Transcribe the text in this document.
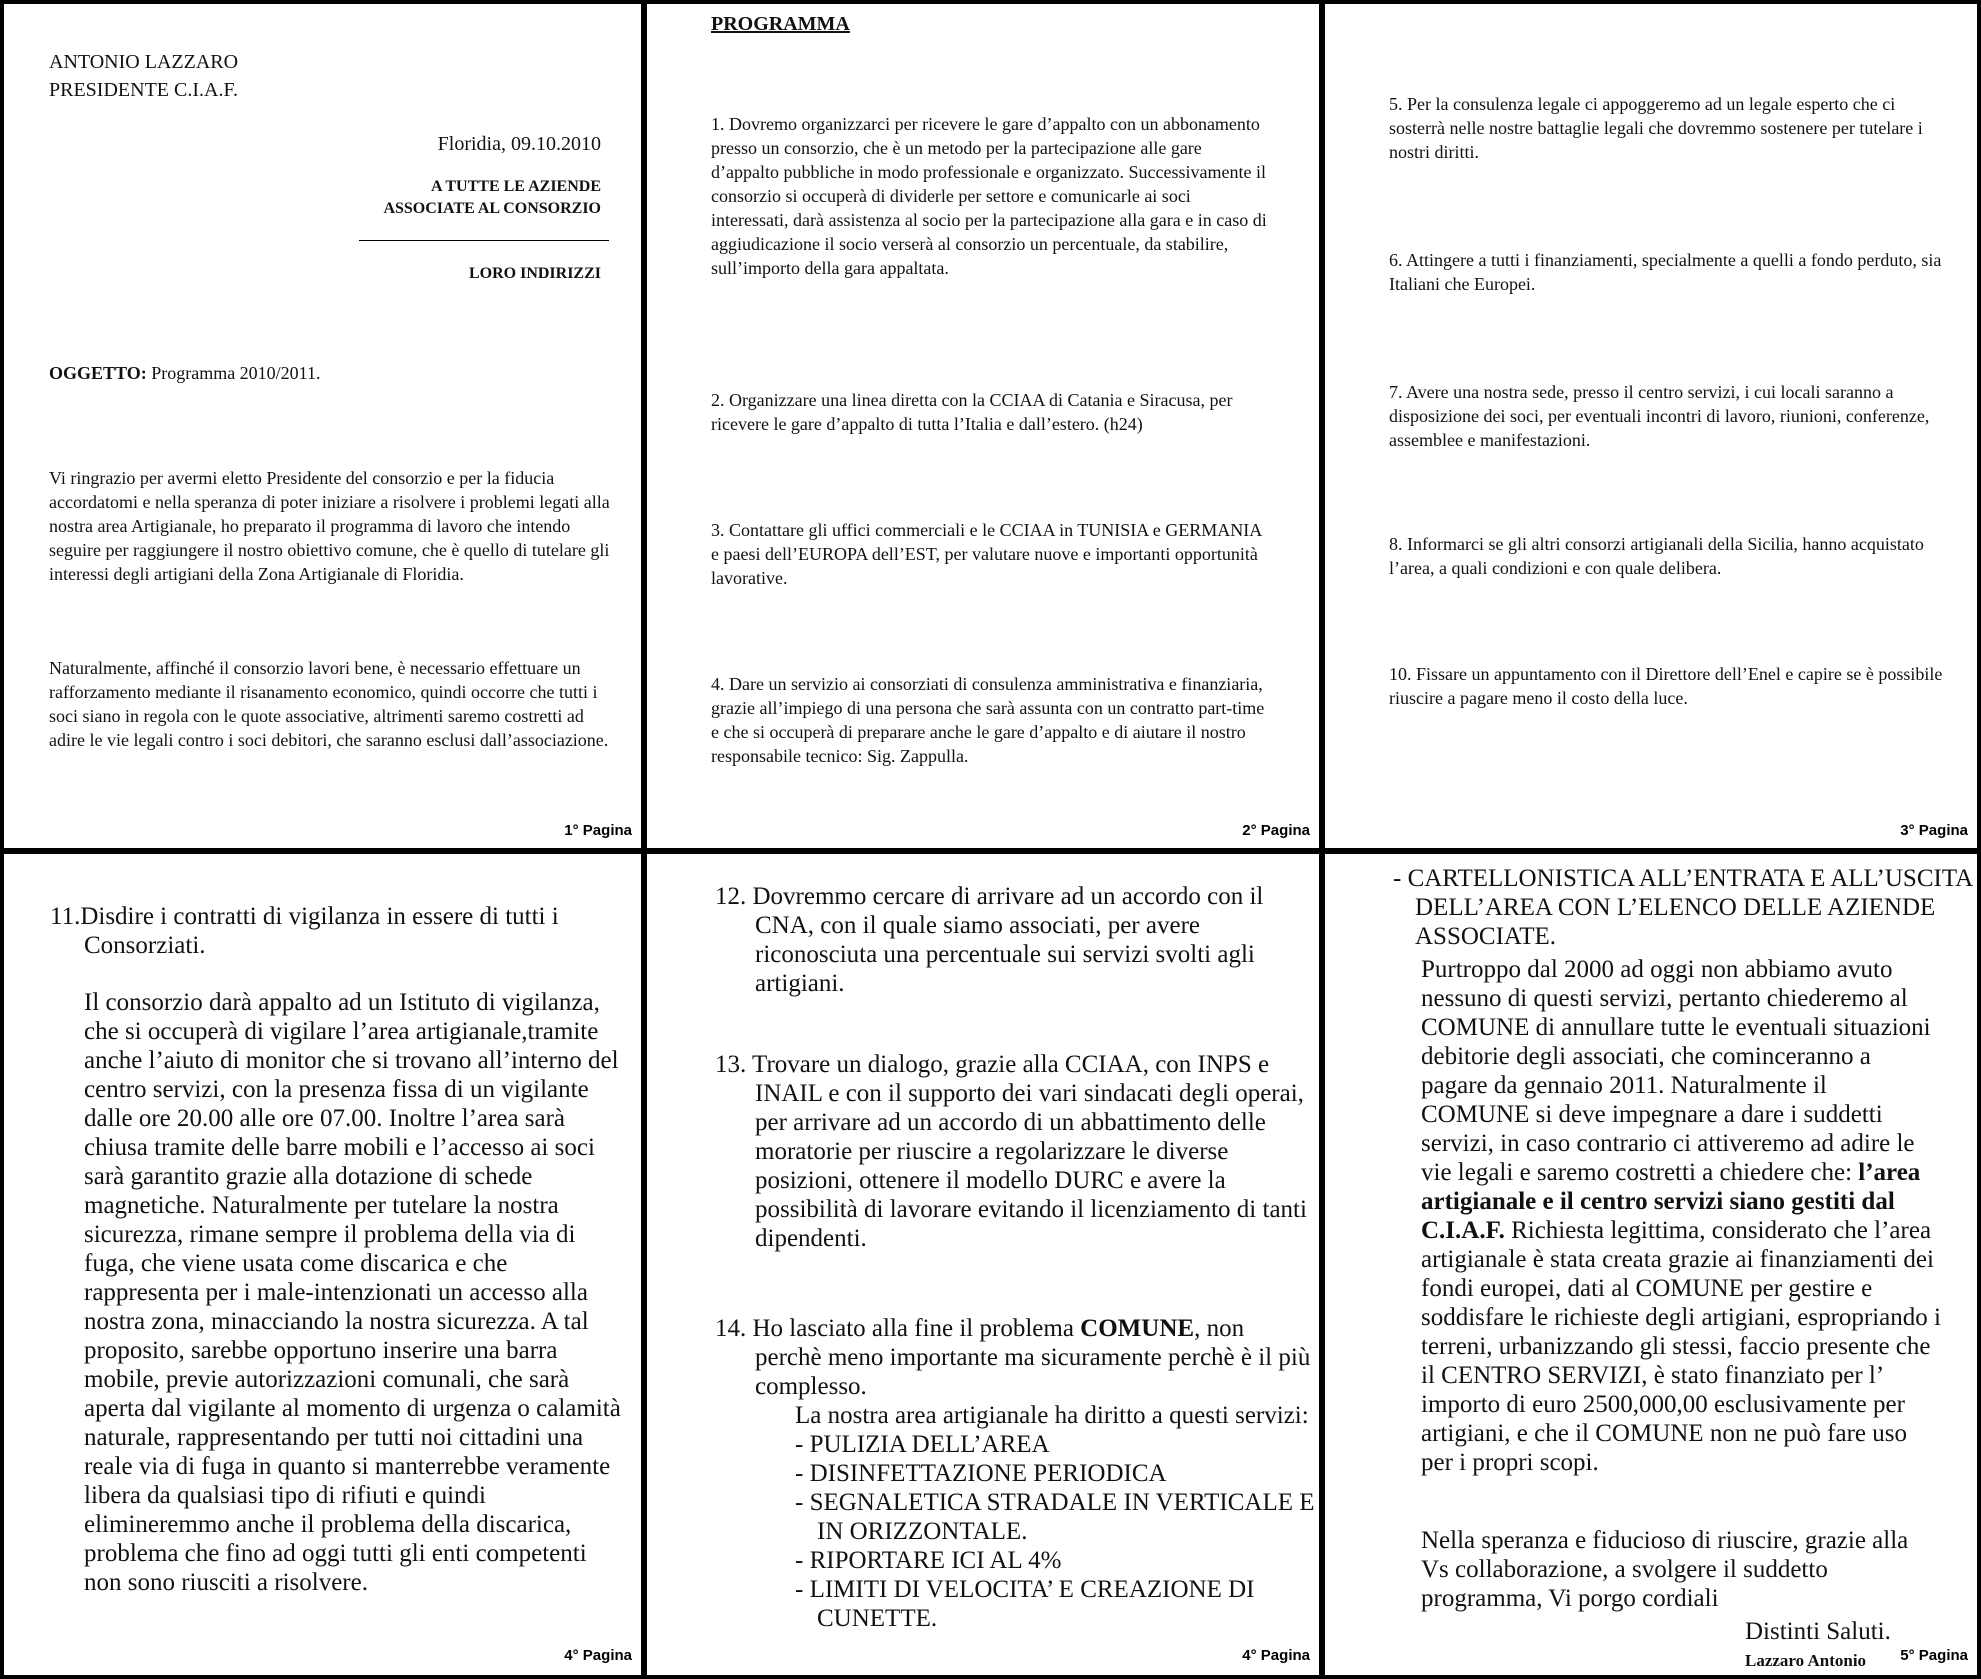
ANTONIO LAZZARO
PRESIDENTE C.I.A.F.
Floridia, 09.10.2010
A TUTTE LE AZIENDE
ASSOCIATE AL CONSORZIO
LORO INDIRIZZI
OGGETTO: Programma 2010/2011.

Vi ringrazio per avermi eletto Presidente del consorzio e per la fiducia accordatomi e nella speranza di poter iniziare a risolvere i problemi legati alla nostra area Artigianale, ho preparato il programma di lavoro che intendo seguire per raggiungere il nostro obiettivo comune, che è quello di tutelare gli interessi degli artigiani della Zona Artigianale di Floridia.

Naturalmente, affinché il consorzio lavori bene, è necessario effettuare un rafforzamento mediante il risanamento economico, quindi occorre che tutti i soci siano in regola con le quote associative, altrimenti saremo costretti ad adire le vie legali contro i soci debitori, che saranno esclusi dall’associazione.

1° Pagina
PROGRAMMA

1. Dovremo organizzarci per ricevere le gare d’appalto con un abbonamento presso un consorzio, che è un metodo per la partecipazione alle gare d’appalto pubbliche in modo professionale e organizzato. Successivamente il consorzio si occuperà di dividerle per settore e comunicarle ai soci interessati, darà assistenza al socio per la partecipazione alla gara e in caso di aggiudicazione il socio verserà al consorzio un percentuale, da stabilire, sull’importo della gara appaltata.

2. Organizzare una linea diretta con la CCIAA di Catania e Siracusa, per ricevere le gare d’appalto di tutta l’Italia e dall’estero. (h24)

3. Contattare gli uffici commerciali e le CCIAA in TUNISIA e GERMANIA e paesi dell’EUROPA dell’EST, per valutare nuove e importanti opportunità lavorative.

4. Dare un servizio ai consorziati di consulenza amministrativa e finanziaria, grazie all’impiego di una persona che sarà assunta con un contratto part-time e che si occuperà di preparare anche le gare d’appalto e di aiutare il nostro responsabile tecnico: Sig. Zappulla.

2° Pagina

5. Per la consulenza legale ci appoggeremo ad un legale esperto che ci sosterrà nelle nostre battaglie legali che dovremmo sostenere per tutelare i nostri diritti.

6. Attingere a tutti i finanziamenti, specialmente a quelli a fondo perduto, sia Italiani che Europei.

7. Avere una nostra sede, presso il centro servizi, i cui locali saranno a disposizione dei soci, per eventuali incontri di lavoro, riunioni, conferenze, assemblee e manifestazioni.

8. Informarci se gli altri consorzi artigianali della Sicilia, hanno acquistato l’area, a quali condizioni e con quale delibera.

10. Fissare un appuntamento con il Direttore dell’Enel e capire se è possibile riuscire a pagare meno il costo della luce.

3° Pagina

11.Disdire i contratti di vigilanza in essere di tutti i Consorziati.

Il consorzio darà appalto ad un Istituto di vigilanza, che si occuperà di vigilare l’area artigianale,tramite anche l’aiuto di monitor che si trovano all’interno del centro servizi, con la presenza fissa di un vigilante dalle ore 20.00 alle ore 07.00. Inoltre l’area sarà chiusa tramite delle barre mobili e l’accesso ai soci sarà garantito grazie alla dotazione di schede magnetiche. Naturalmente per tutelare la nostra sicurezza, rimane sempre il problema della via di fuga, che viene usata come discarica e che rappresenta per i male-intenzionati un accesso alla nostra zona, minacciando la nostra sicurezza. A tal proposito, sarebbe opportuno inserire una barra mobile, previe autorizzazioni comunali, che sarà aperta dal vigilante al momento di urgenza o calamità naturale, rappresentando per tutti noi cittadini una reale via di fuga in quanto si manterrebbe veramente libera da qualsiasi tipo di rifiuti e quindi elimineremmo anche il problema della discarica, problema che fino ad oggi tutti gli enti competenti non sono riusciti a risolvere.

4° Pagina

12. Dovremmo cercare di arrivare ad un accordo con il CNA, con il quale siamo associati, per avere riconosciuta una percentuale sui servizi svolti agli artigiani.

13. Trovare un dialogo, grazie alla CCIAA, con INPS e INAIL e con il supporto dei vari sindacati degli operai, per arrivare ad un accordo di un abbattimento delle moratorie per riuscire a regolarizzare le diverse posizioni, ottenere il modello DURC e avere la possibilità di lavorare evitando il licenziamento di tanti dipendenti.

14. Ho lasciato alla fine il problema COMUNE, non perchè meno importante ma sicuramente perchè è il più complesso.

La nostra area artigianale ha diritto a questi servizi:

- PULIZIA DELL’AREA
- DISINFETTAZIONE PERIODICA
- SEGNALETICA STRADALE IN VERTICALE E IN ORIZZONTALE.
- RIPORTARE ICI AL 4%
- LIMITI DI VELOCITA’ E CREAZIONE DI CUNETTE.
4° Pagina

- CARTELLONISTICA ALL’ENTRATA E ALL’USCITA DELL’AREA CON L’ELENCO DELLE AZIENDE ASSOCIATE.

Purtroppo dal 2000 ad oggi non abbiamo avuto nessuno di questi servizi, pertanto chiederemo al COMUNE di annullare tutte le eventuali situazioni debitorie degli associati, che cominceranno a pagare da gennaio 2011. Naturalmente il COMUNE si deve impegnare a dare i suddetti servizi, in caso contrario ci attiveremo ad adire le vie legali e saremo costretti a chiedere che: l’area artigianale e il centro servizi siano gestiti dal C.I.A.F. Richiesta legittima, considerato che l’area artigianale è stata creata grazie ai finanziamenti dei fondi europei, dati al COMUNE per gestire e soddisfare le richieste degli artigiani, espropriando i terreni, urbanizzando gli stessi, faccio presente che il CENTRO SERVIZI, è stato finanziato per l’ importo di euro 2500,000,00 esclusivamente per artigiani, e che il COMUNE non ne può fare uso per i propri scopi.

Nella speranza e fiducioso di riuscire, grazie alla Vs collaborazione, a svolgere il suddetto programma, Vi porgo cordiali

Distinti Saluti.
Lazzaro Antonio 5° Pagina
